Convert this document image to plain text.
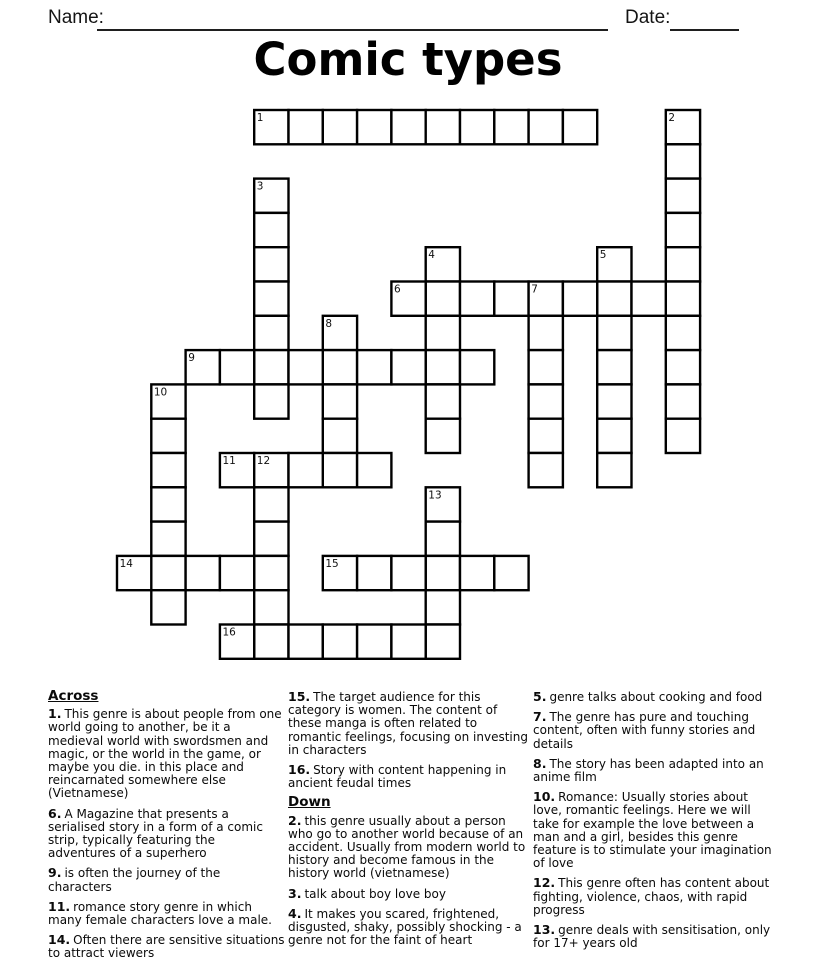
Name:	Date:
Comic types
1	2
3
4	5
6	7
8
9
10
11 12
13
14	15
16
Across
1. This genre is about people from one world going to another, be it a medieval world with swordsmen and magic, or the world in the game, or maybe you die. in this place and reincarnated somewhere else (Vietnamese)
6. A Magazine that presents a serialised story in a form of a comic strip, typically featuring the adventures of a superhero
9. is often the journey of the characters
11. romance story genre in which many female characters love a male.
14. Often there are sensitive situations to attract viewers
15. The target audience for this category is women. The content of these manga is often related to romantic feelings, focusing on investing in characters
16. Story with content happening in ancient feudal times
Down
2. this genre usually about a person who go to another world because of an accident. Usually from modern world to history and become famous in the history world (vietnamese)
3. talk about boy love boy
4. It makes you scared, frightened, disgusted, shaky, possibly shocking - a genre not for the faint of heart
5. genre talks about cooking and food
7. The genre has pure and touching content, often with funny stories and details
8. The story has been adapted into an anime film
10. Romance: Usually stories about love, romantic feelings. Here we will take for example the love between a man and a girl, besides this genre feature is to stimulate your imagination of love
12. This genre often has content about fighting, violence, chaos, with rapid progress
13. genre deals with sensitisation, only for 17+ years old
